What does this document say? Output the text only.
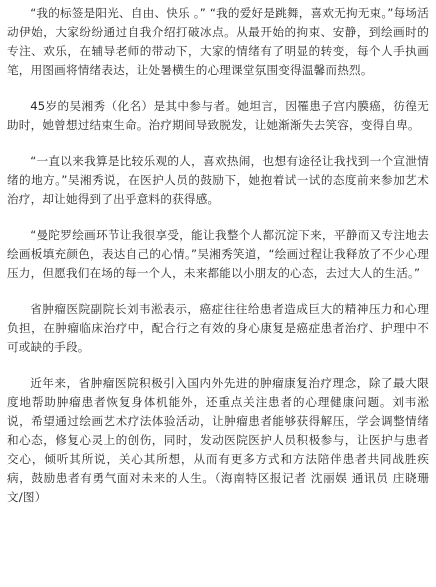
“我的标签是阳光、自由、快乐 。” “我的爱好是跳舞，喜欢无拘无束。”每场活动伊始，大家纷纷通过自我介绍打破冰点。从最开始的拘束、安静，到绘画时的专注、欢乐，在辅导老师的带动下，大家的情绪有了明显的转变，每个人手执画笔，用图画将情绪表达，让处暑横生的心理课堂氛围变得温馨而热烈。

45岁的吴湘秀（化名）是其中参与者。她坦言，因罹患子宫内膜癌，彷徨无助时，她曾想过结束生命。治疗期间导致脱发，让她渐渐失去笑容，变得自卑。

“一直以来我算是比较乐观的人，喜欢热闹，也想有途径让我找到一个宣泄情绪的地方。”吴湘秀说，在医护人员的鼓励下，她抱着试一试的态度前来参加艺术治疗，却让她得到了出乎意料的获得感。

“曼陀罗绘画环节让我很享受，能让我整个人都沉淀下来，平静而又专注地去绘画板填充颜色，表达自己的心情。”吴湘秀笑道，“绘画过程让我释放了不少心理压力，但愿我们在场的每一个人，未来都能以小朋友的心态，去过大人的生活。”

省肿瘤医院副院长刘韦淞表示，癌症往往给患者造成巨大的精神压力和心理负担，在肿瘤临床治疗中，配合行之有效的身心康复是癌症患者治疗、护理中不可或缺的手段。

近年来，省肿瘤医院积极引入国内外先进的肿瘤康复治疗理念，除了最大限度地帮助肿瘤患者恢复身体机能外，还重点关注患者的心理健康问题。刘韦淞说，希望通过绘画艺术疗法体验活动，让肿瘤患者能够获得解压，学会调整情绪和心态，修复心灵上的创伤，同时，发动医院医护人员积极参与，让医护与患者交心，倾听其所说，关心其所想，从而有更多方式和方法陪伴患者共同战胜疾病，鼓励患者有勇气面对未来的人生。（海南特区报记者 沈丽娱 通讯员 庄晓珊 文/图）
